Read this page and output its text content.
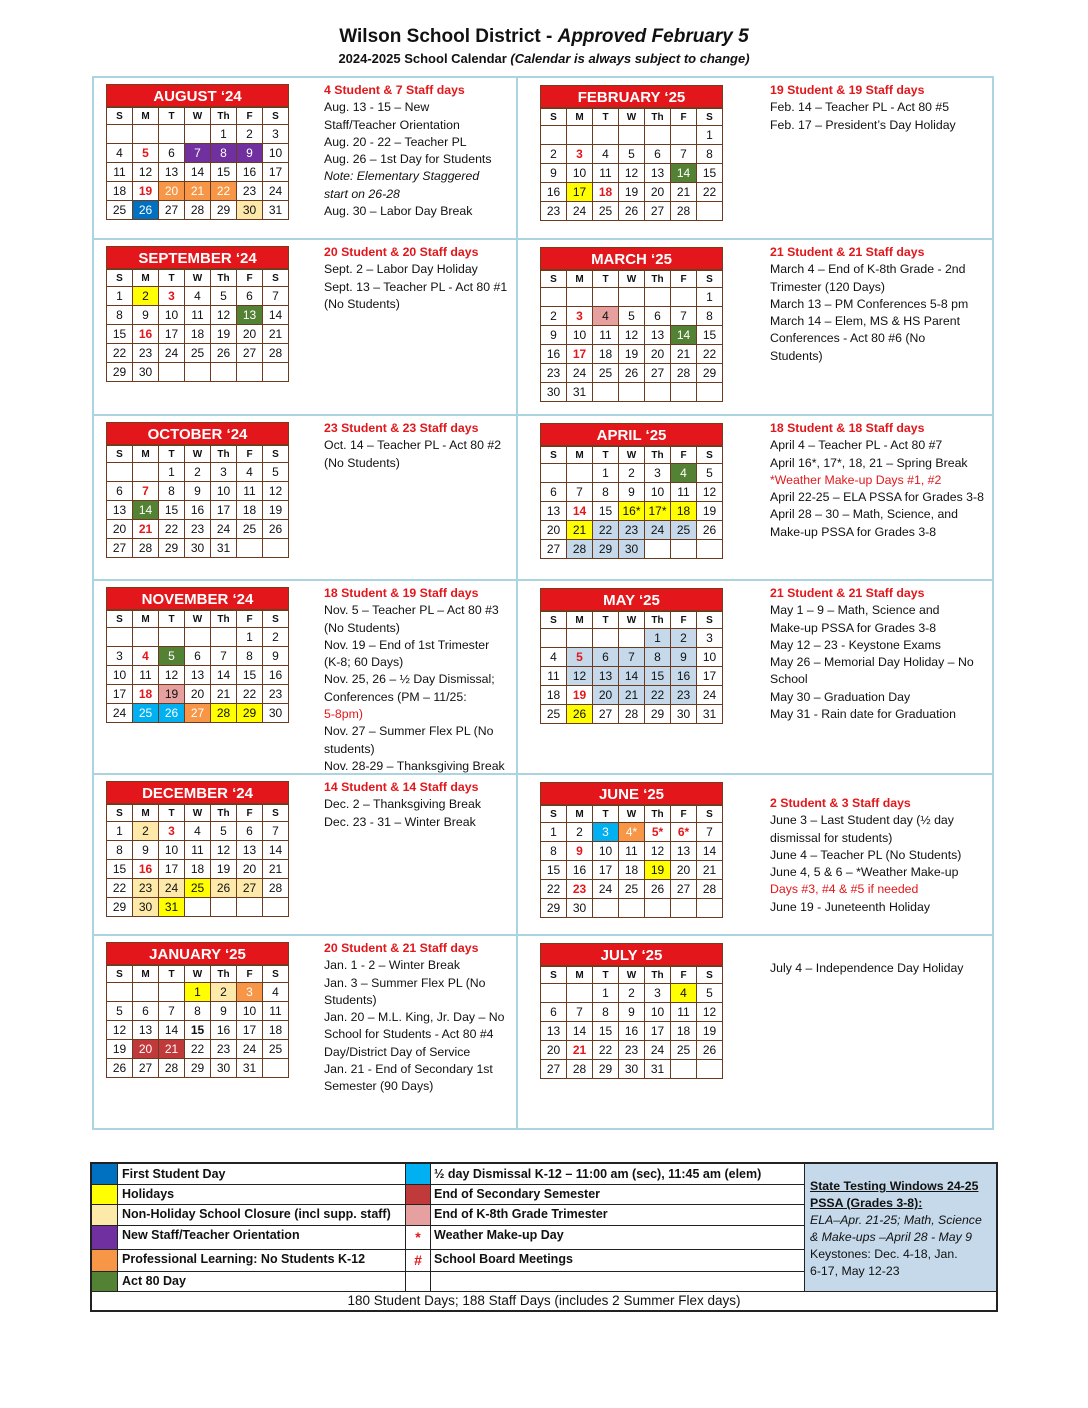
Wilson School District - Approved February 5
2024-2025 School Calendar (Calendar is always subject to change)
AUGUST ‘24
S	M	T	W	Th	F	S
				1	2	3
4	5	6	7	8	9	10
11	12	13	14	15	16	17
18	19	20	21	22	23	24
25	26	27	28	29	30	31
4 Student & 7 Staff days
Aug. 13 - 15 – New
Staff/Teacher Orientation
Aug. 20 - 22 – Teacher PL
Aug. 26 – 1st Day for Students
Note: Elementary Staggered
start on 26-28
Aug. 30 – Labor Day Break
FEBRUARY ‘25
S	M	T	W	Th	F	S
						1
2	3	4	5	6	7	8
9	10	11	12	13	14	15
16	17	18	19	20	21	22
23	24	25	26	27	28	
19 Student & 19 Staff days
Feb. 14 – Teacher PL - Act 80 #5
Feb. 17 – President’s Day Holiday
SEPTEMBER ‘24
S	M	T	W	Th	F	S
1	2	3	4	5	6	7
8	9	10	11	12	13	14
15	16	17	18	19	20	21
22	23	24	25	26	27	28
29	30					
20 Student & 20 Staff days
Sept. 2 – Labor Day Holiday
Sept. 13 – Teacher PL - Act 80 #1
(No Students)
MARCH ‘25
S	M	T	W	Th	F	S
						1
2	3	4	5	6	7	8
9	10	11	12	13	14	15
16	17	18	19	20	21	22
23	24	25	26	27	28	29
30	31					
21 Student & 21 Staff days
March 4 – End of K-8th Grade - 2nd
Trimester (120 Days)
March 13 – PM Conferences 5-8 pm
March 14 – Elem, MS & HS Parent
Conferences - Act 80 #6 (No
Students)
OCTOBER ‘24
S	M	T	W	Th	F	S
		1	2	3	4	5
6	7	8	9	10	11	12
13	14	15	16	17	18	19
20	21	22	23	24	25	26
27	28	29	30	31		
23 Student & 23 Staff days
Oct. 14 – Teacher PL - Act 80 #2
(No Students)
APRIL ‘25
S	M	T	W	Th	F	S
		1	2	3	4	5
6	7	8	9	10	11	12
13	14	15	16*	17*	18	19
20	21	22	23	24	25	26
27	28	29	30			
18 Student & 18 Staff days
April 4 – Teacher PL - Act 80 #7
April 16*, 17*, 18, 21 – Spring Break
*Weather Make-up Days #1, #2
April 22-25 – ELA PSSA for Grades 3-8
April 28 – 30 – Math, Science, and
Make-up PSSA for Grades 3-8
NOVEMBER ‘24
S	M	T	W	Th	F	S
					1	2
3	4	5	6	7	8	9
10	11	12	13	14	15	16
17	18	19	20	21	22	23
24	25	26	27	28	29	30
18 Student & 19 Staff days
Nov. 5 – Teacher PL – Act 80 #3
(No Students)
Nov. 19 – End of 1st Trimester
(K-8; 60 Days)
Nov. 25, 26 – ½ Day Dismissal;
Conferences (PM – 11/25:
5-8pm)
Nov. 27 – Summer Flex PL (No
students)
Nov. 28-29 – Thanksgiving Break
MAY ‘25
S	M	T	W	Th	F	S
				1	2	3
4	5	6	7	8	9	10
11	12	13	14	15	16	17
18	19	20	21	22	23	24
25	26	27	28	29	30	31
21 Student & 21 Staff days
May 1 – 9 – Math, Science and
Make-up PSSA for Grades 3-8
May 12 – 23 - Keystone Exams
May 26 – Memorial Day Holiday – No
School
May 30 – Graduation Day
May 31 - Rain date for Graduation
DECEMBER ‘24
S	M	T	W	Th	F	S
1	2	3	4	5	6	7
8	9	10	11	12	13	14
15	16	17	18	19	20	21
22	23	24	25	26	27	28
29	30	31				
14 Student & 14 Staff days
Dec. 2 – Thanksgiving Break
Dec. 23 - 31 – Winter Break
JUNE ‘25
S	M	T	W	Th	F	S
1	2	3	4*	5*	6*	7
8	9	10	11	12	13	14
15	16	17	18	19	20	21
22	23	24	25	26	27	28
29	30					
2 Student & 3 Staff days
June 3 – Last Student day (½ day
dismissal for students)
June 4 – Teacher PL (No Students)
June 4, 5 & 6 – *Weather Make-up
Days #3, #4 & #5 if needed
June 19 - Juneteenth Holiday
JANUARY ‘25
S	M	T	W	Th	F	S
			1	2	3	4
5	6	7	8	9	10	11
12	13	14	15	16	17	18
19	20	21	22	23	24	25
26	27	28	29	30	31	
20 Student & 21 Staff days
Jan. 1 - 2 – Winter Break
Jan. 3 – Summer Flex PL (No
Students)
Jan. 20 – M.L. King, Jr. Day – No
School for Students - Act 80 #4
Day/District Day of Service
Jan. 21 - End of Secondary 1st
Semester (90 Days)
JULY ‘25
S	M	T	W	Th	F	S
		1	2	3	4	5
6	7	8	9	10	11	12
13	14	15	16	17	18	19
20	21	22	23	24	25	26
27	28	29	30	31		
July 4 – Independence Day Holiday
First Student Day
Holidays
Non-Holiday School Closure (incl supp. staff)
New Staff/Teacher Orientation
Professional Learning: No Students K-12
Act 80 Day
½ day Dismissal K-12 – 11:00 am (sec), 11:45 am (elem)
End of Secondary Semester
End of K-8th Grade Trimester
*	Weather Make-up Day
# School Board Meetings
State Testing Windows 24-25
PSSA (Grades 3-8):
ELA–Apr. 21-25; Math, Science
& Make-ups –April 28 - May 9
Keystones: Dec. 4-18, Jan.
6-17, May 12-23
180 Student Days; 188 Staff Days (includes 2 Summer Flex days)
